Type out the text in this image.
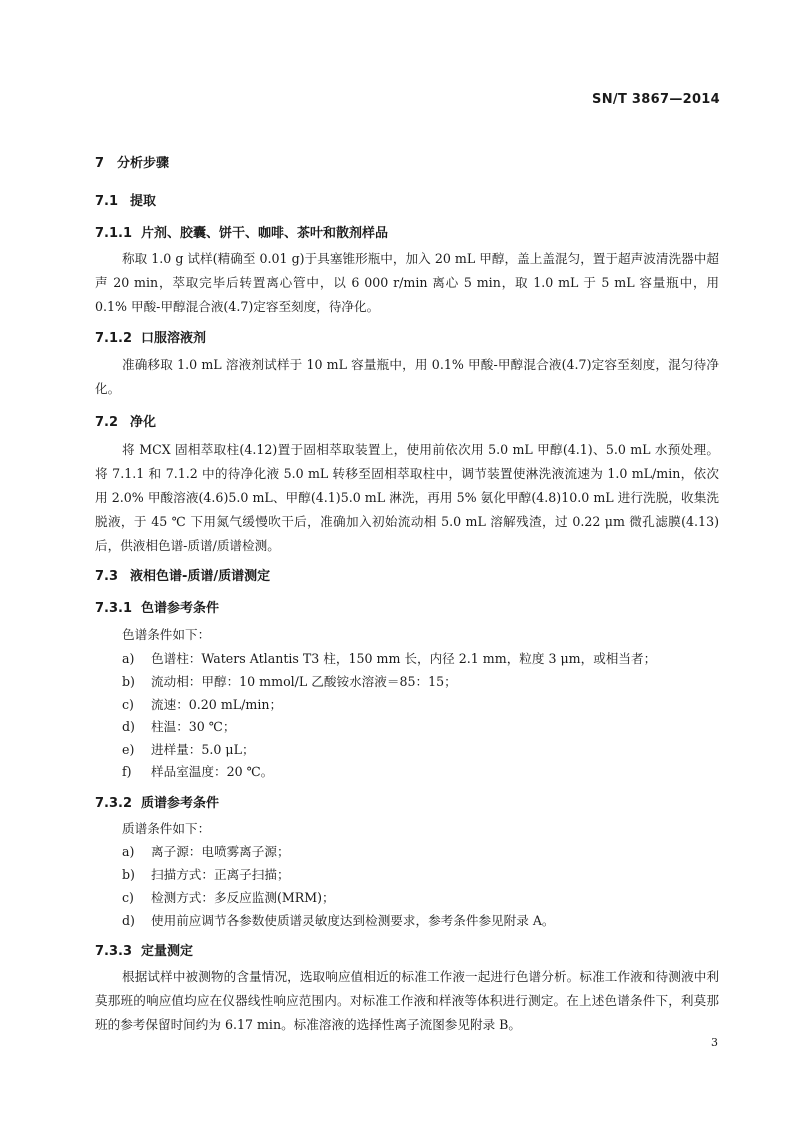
SN/T 3867—2014
7 分析步骤
7.1 提取
7.1.1 片剂、胶囊、饼干、咖啡、茶叶和散剂样品
称取 1.0 g 试样(精确至 0.01 g)于具塞锥形瓶中，加入 20 mL 甲醇，盖上盖混匀，置于超声波清洗器中超声 20 min，萃取完毕后转置离心管中，以 6 000 r/min 离心 5 min，取 1.0 mL 于 5 mL 容量瓶中，用 0.1% 甲酸-甲醇混合液(4.7)定容至刻度，待净化。
7.1.2 口服溶液剂
准确移取 1.0 mL 溶液剂试样于 10 mL 容量瓶中，用 0.1% 甲酸-甲醇混合液(4.7)定容至刻度，混匀待净化。
7.2 净化
将 MCX 固相萃取柱(4.12)置于固相萃取装置上，使用前依次用 5.0 mL 甲醇(4.1)、5.0 mL 水预处理。将 7.1.1 和 7.1.2 中的待净化液 5.0 mL 转移至固相萃取柱中，调节装置使淋洗液流速为 1.0 mL/min，依次用 2.0% 甲酸溶液(4.6)5.0 mL、甲醇(4.1)5.0 mL 淋洗，再用 5% 氨化甲醇(4.8)10.0 mL 进行洗脱，收集洗脱液，于 45 ℃ 下用氮气缓慢吹干后，准确加入初始流动相 5.0 mL 溶解残渣，过 0.22 μm 微孔滤膜(4.13)后，供液相色谱-质谱/质谱检测。
7.3 液相色谱-质谱/质谱测定
7.3.1 色谱参考条件
色谱条件如下：
a) 色谱柱：Waters Atlantis T3 柱，150 mm 长，内径 2.1 mm，粒度 3 μm，或相当者；
b) 流动相：甲醇：10 mmol/L 乙酸铵水溶液＝85：15；
c) 流速：0.20 mL/min；
d) 柱温：30 ℃；
e) 进样量：5.0 μL；
f) 样品室温度：20 ℃。
7.3.2 质谱参考条件
质谱条件如下：
a) 离子源：电喷雾离子源；
b) 扫描方式：正离子扫描；
c) 检测方式：多反应监测(MRM)；
d) 使用前应调节各参数使质谱灵敏度达到检测要求，参考条件参见附录 A。
7.3.3 定量测定
根据试样中被测物的含量情况，选取响应值相近的标准工作液一起进行色谱分析。标准工作液和待测液中利莫那班的响应值均应在仪器线性响应范围内。对标准工作液和样液等体积进行测定。在上述色谱条件下，利莫那班的参考保留时间约为 6.17 min。标准溶液的选择性离子流图参见附录 B。
3
